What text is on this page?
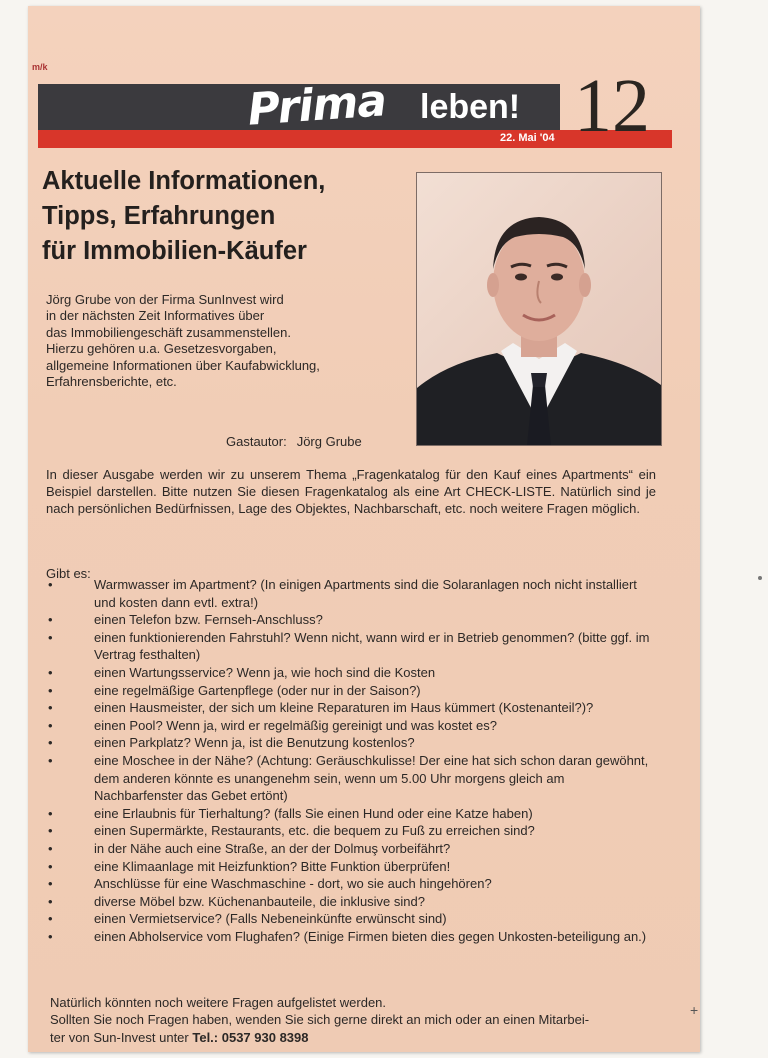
m/k
Prima leben! 12
22. Mai '04
Aktuelle Informationen,
Tipps, Erfahrungen
für Immobilien-Käufer
Jörg Grube von der Firma SunInvest wird
in der nächsten Zeit Informatives über
das Immobiliengeschäft zusammenstellen.
Hierzu gehören u.a. Gesetzesvorgaben,
allgemeine Informationen über Kaufabwicklung,
Erfahrensberichte, etc.
Gastautor: Jörg Grube
In dieser Ausgabe werden wir zu unserem Thema „Fragenkatalog für den Kauf eines Apartments“ ein Beispiel darstellen. Bitte nutzen Sie diesen Fragenkatalog als eine Art CHECK-LISTE. Natürlich sind je nach persönlichen Bedürfnissen, Lage des Objektes, Nachbarschaft, etc. noch weitere Fragen möglich.
Gibt es:
• Warmwasser im Apartment? (In einigen Apartments sind die Solaranlagen noch nicht installiert und kosten dann evtl. extra!)
• einen Telefon bzw. Fernseh-Anschluss?
• einen funktionierenden Fahrstuhl? Wenn nicht, wann wird er in Betrieb genommen? (bitte ggf. im Vertrag festhalten)
• einen Wartungsservice? Wenn ja, wie hoch sind die Kosten
• eine regelmäßige Gartenpflege (oder nur in der Saison?)
• einen Hausmeister, der sich um kleine Reparaturen im Haus kümmert (Kostenanteil?)?
• einen Pool? Wenn ja, wird er regelmäßig gereinigt und was kostet es?
• einen Parkplatz? Wenn ja, ist die Benutzung kostenlos?
• eine Moschee in der Nähe? (Achtung: Geräuschkulisse! Der eine hat sich schon daran gewöhnt, dem anderen könnte es unangenehm sein, wenn um 5.00 Uhr morgens gleich am Nachbarfenster das Gebet ertönt)
• eine Erlaubnis für Tierhaltung? (falls Sie einen Hund oder eine Katze haben)
• einen Supermärkte, Restaurants, etc. die bequem zu Fuß zu erreichen sind?
• in der Nähe auch eine Straße, an der der Dolmuş vorbeifährt?
• eine Klimaanlage mit Heizfunktion? Bitte Funktion überprüfen!
• Anschlüsse für eine Waschmaschine - dort, wo sie auch hingehören?
• diverse Möbel bzw. Küchenanbauteile, die inklusive sind?
• einen Vermietservice? (Falls Nebeneinkünfte erwünscht sind)
• einen Abholservice vom Flughafen? (Einige Firmen bieten dies gegen Unkosten-beteiligung an.)
Natürlich könnten noch weitere Fragen aufgelistet werden.
Sollten Sie noch Fragen haben, wenden Sie sich gerne direkt an mich oder an einen Mitarbei-
ter von Sun-Invest unter Tel.: 0537 930 8398
+
